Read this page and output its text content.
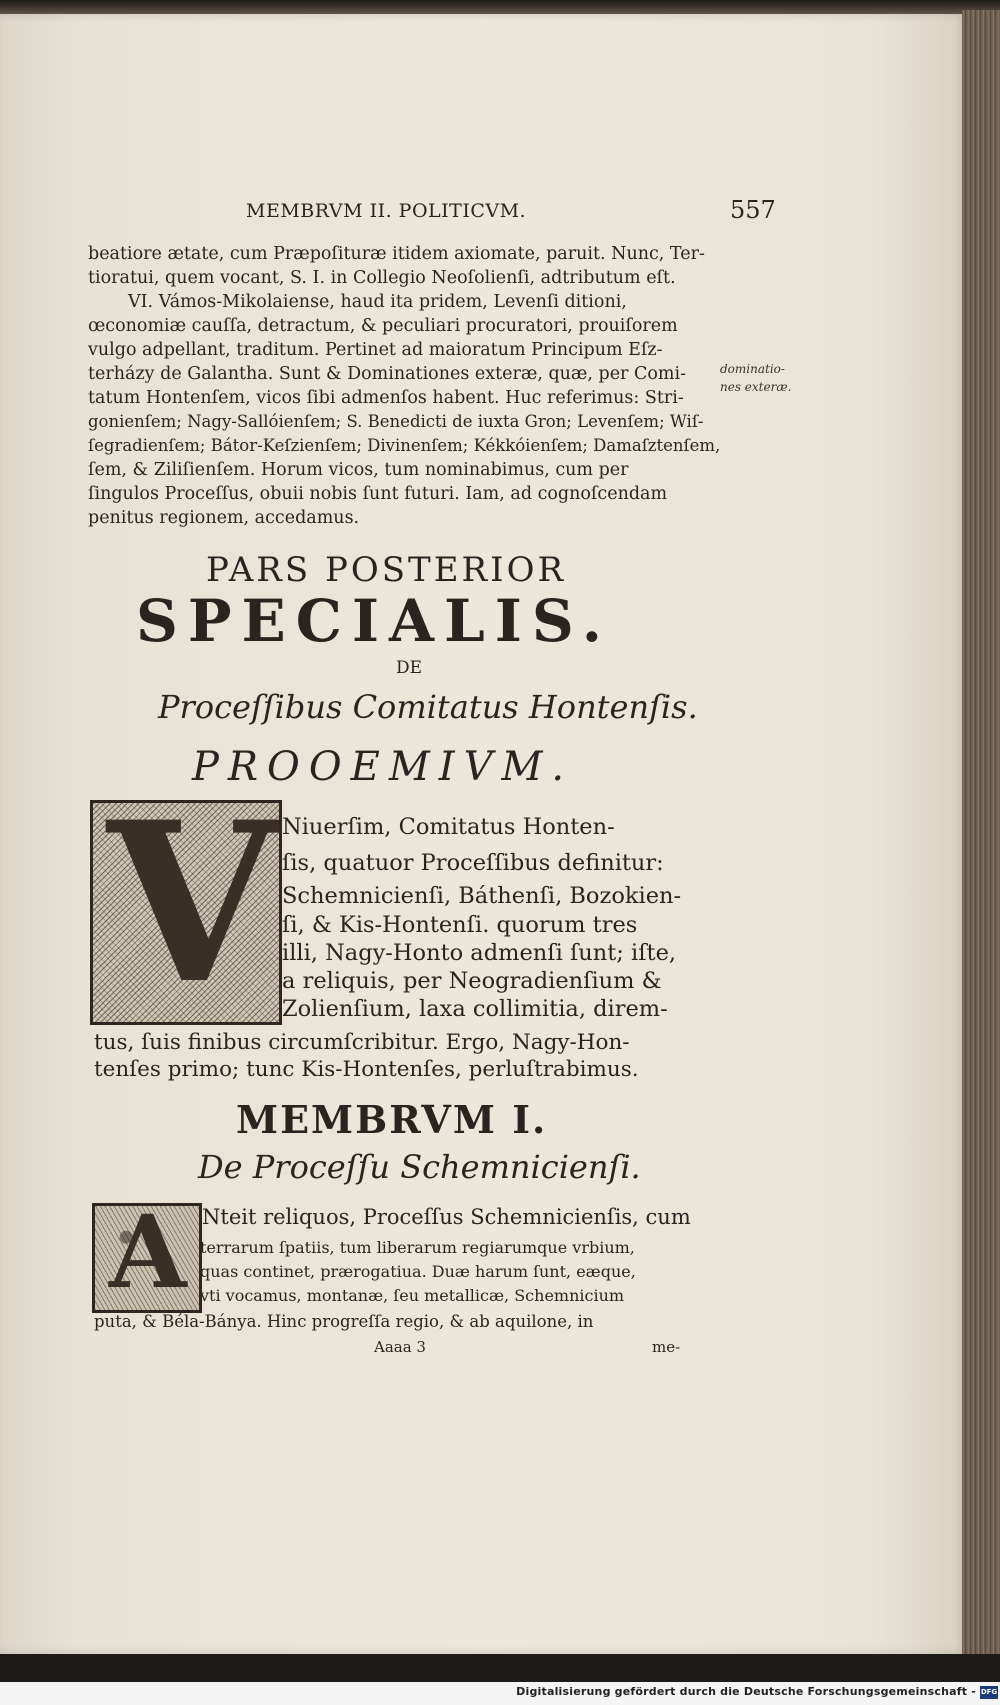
MEMBRVM II. POLITICVM.	557
beatiore ætate, cum Præpoſituræ itidem axiomate, paruit. Nunc, Ter-
tioratui, quem vocant, S. I. in Collegio Neoſolienſi, adtributum eſt.
VI. Vámos-Mikolaiense, haud ita pridem, Levenſi ditioni,
œconomiæ cauſſa, detractum, & peculiari procuratori, prouiſorem
vulgo adpellant, traditum. Pertinet ad maioratum Principum Eſz-
terházy de Galantha. Sunt & Dominationes exteræ, quæ, per Comi-
tatum Hontenſem, vicos ſibi admenſos habent. Huc referimus: Stri-
gonienſem; Nagy-Sallóienſem; S. Benedicti de iuxta Gron; Levenſem; Wiſ-
ſegradienſem; Bátor-Keſzienſem; Divinenſem; Kékkóienſem; Damaſztenſem,
ſem, & Ziliſienſem. Horum vicos, tum nominabimus, cum per
ſingulos Proceſſus, obuii nobis ſunt futuri. Iam, ad cognoſcendam
penitus regionem, accedamus.
dominatio-
nes exteræ.
PARS POSTERIOR
SPECIALIS.
DE
Proceſſibus Comitatus Hontenſis.
PROOEMIVM.
V Niuerſim, Comitatus Honten-
ſis, quatuor Proceſſibus definitur:
Schemnicienſi, Báthenſi, Bozokien-
ſi, & Kis-Hontenſi. quorum tres
illi, Nagy-Honto admenſi ſunt; iſte,
a reliquis, per Neogradienſium &
Zolienſium, laxa collimitia, direm-
tus, ſuis finibus circumſcribitur. Ergo, Nagy-Hon-
tenſes primo; tunc Kis-Hontenſes, perluſtrabimus.
MEMBRVM I.
De Proceſſu Schemnicienſi.
A Nteit reliquos, Proceſſus Schemnicienſis, cum
terrarum ſpatiis, tum liberarum regiarumque vrbium,
quas continet, prærogatiua. Duæ harum ſunt, eæque,
vti vocamus, montanæ, ſeu metallicæ, Schemnicium
puta, & Béla-Bánya. Hinc progreſſa regio, & ab aquilone, in
Aaaa 3	me-
Digitalisierung gefördert durch die Deutsche Forschungsgemeinschaft - DFG
